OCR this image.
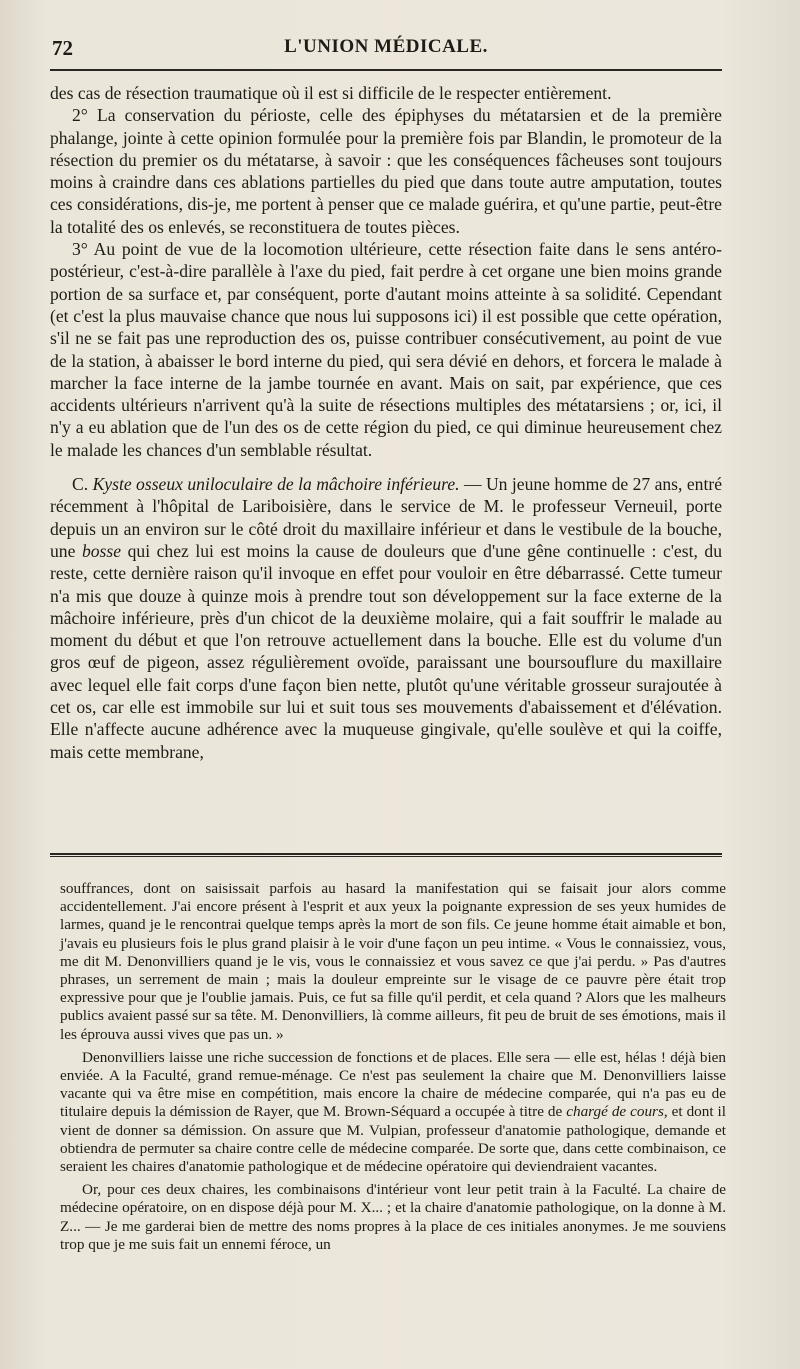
72	L'UNION MÉDICALE.

des cas de résection traumatique où il est si difficile de le respecter entièrement.

2° La conservation du périoste, celle des épiphyses du métatarsien et de la première phalange, jointe à cette opinion formulée pour la première fois par Blandin, le promoteur de la résection du premier os du métatarse, à savoir : que les conséquences fâcheuses sont toujours moins à craindre dans ces ablations partielles du pied que dans toute autre amputation, toutes ces considérations, dis-je, me portent à penser que ce malade guérira, et qu'une partie, peut-être la totalité des os enlevés, se reconstituera de toutes pièces.

3° Au point de vue de la locomotion ultérieure, cette résection faite dans le sens antéro-postérieur, c'est-à-dire parallèle à l'axe du pied, fait perdre à cet organe une bien moins grande portion de sa surface et, par conséquent, porte d'autant moins atteinte à sa solidité. Cependant (et c'est la plus mauvaise chance que nous lui supposons ici) il est possible que cette opération, s'il ne se fait pas une reproduction des os, puisse contribuer consécutivement, au point de vue de la station, à abaisser le bord interne du pied, qui sera dévié en dehors, et forcera le malade à marcher la face interne de la jambe tournée en avant. Mais on sait, par expérience, que ces accidents ultérieurs n'arrivent qu'à la suite de résections multiples des métatarsiens ; or, ici, il n'y a eu ablation que de l'un des os de cette région du pied, ce qui diminue heureusement chez le malade les chances d'un semblable résultat.

C. Kyste osseux uniloculaire de la mâchoire inférieure. — Un jeune homme de 27 ans, entré récemment à l'hôpital de Lariboisière, dans le service de M. le professeur Verneuil, porte depuis un an environ sur le côté droit du maxillaire inférieur et dans le vestibule de la bouche, une bosse qui chez lui est moins la cause de douleurs que d'une gêne continuelle : c'est, du reste, cette dernière raison qu'il invoque en effet pour vouloir en être débarrassé. Cette tumeur n'a mis que douze à quinze mois à prendre tout son développement sur la face externe de la mâchoire inférieure, près d'un chicot de la deuxième molaire, qui a fait souffrir le malade au moment du début et que l'on retrouve actuellement dans la bouche. Elle est du volume d'un gros œuf de pigeon, assez régulièrement ovoïde, paraissant une boursouflure du maxillaire avec lequel elle fait corps d'une façon bien nette, plutôt qu'une véritable grosseur surajoutée à cet os, car elle est immobile sur lui et suit tous ses mouvements d'abaissement et d'élévation. Elle n'affecte aucune adhérence avec la muqueuse gingivale, qu'elle soulève et qui la coiffe, mais cette membrane,

souffrances, dont on saisissait parfois au hasard la manifestation qui se faisait jour alors comme accidentellement. J'ai encore présent à l'esprit et aux yeux la poignante expression de ses yeux humides de larmes, quand je le rencontrai quelque temps après la mort de son fils. Ce jeune homme était aimable et bon, j'avais eu plusieurs fois le plus grand plaisir à le voir d'une façon un peu intime. « Vous le connaissiez, vous, me dit M. Denonvilliers quand je le vis, vous le connaissiez et vous savez ce que j'ai perdu. » Pas d'autres phrases, un serrement de main ; mais la douleur empreinte sur le visage de ce pauvre père était trop expressive pour que je l'oublie jamais. Puis, ce fut sa fille qu'il perdit, et cela quand ? Alors que les malheurs publics avaient passé sur sa tête. M. Denonvilliers, là comme ailleurs, fit peu de bruit de ses émotions, mais il les éprouva aussi vives que pas un. »

Denonvilliers laisse une riche succession de fonctions et de places. Elle sera — elle est, hélas ! déjà bien enviée. A la Faculté, grand remue-ménage. Ce n'est pas seulement la chaire que M. Denonvilliers laisse vacante qui va être mise en compétition, mais encore la chaire de médecine comparée, qui n'a pas eu de titulaire depuis la démission de Rayer, que M. Brown-Séquard a occupée à titre de chargé de cours, et dont il vient de donner sa démission. On assure que M. Vulpian, professeur d'anatomie pathologique, demande et obtiendra de permuter sa chaire contre celle de médecine comparée. De sorte que, dans cette combinaison, ce seraient les chaires d'anatomie pathologique et de médecine opératoire qui deviendraient vacantes.

Or, pour ces deux chaires, les combinaisons d'intérieur vont leur petit train à la Faculté. La chaire de médecine opératoire, on en dispose déjà pour M. X... ; et la chaire d'anatomie pathologique, on la donne à M. Z... — Je me garderai bien de mettre des noms propres à la place de ces initiales anonymes. Je me souviens trop que je me suis fait un ennemi féroce, un
